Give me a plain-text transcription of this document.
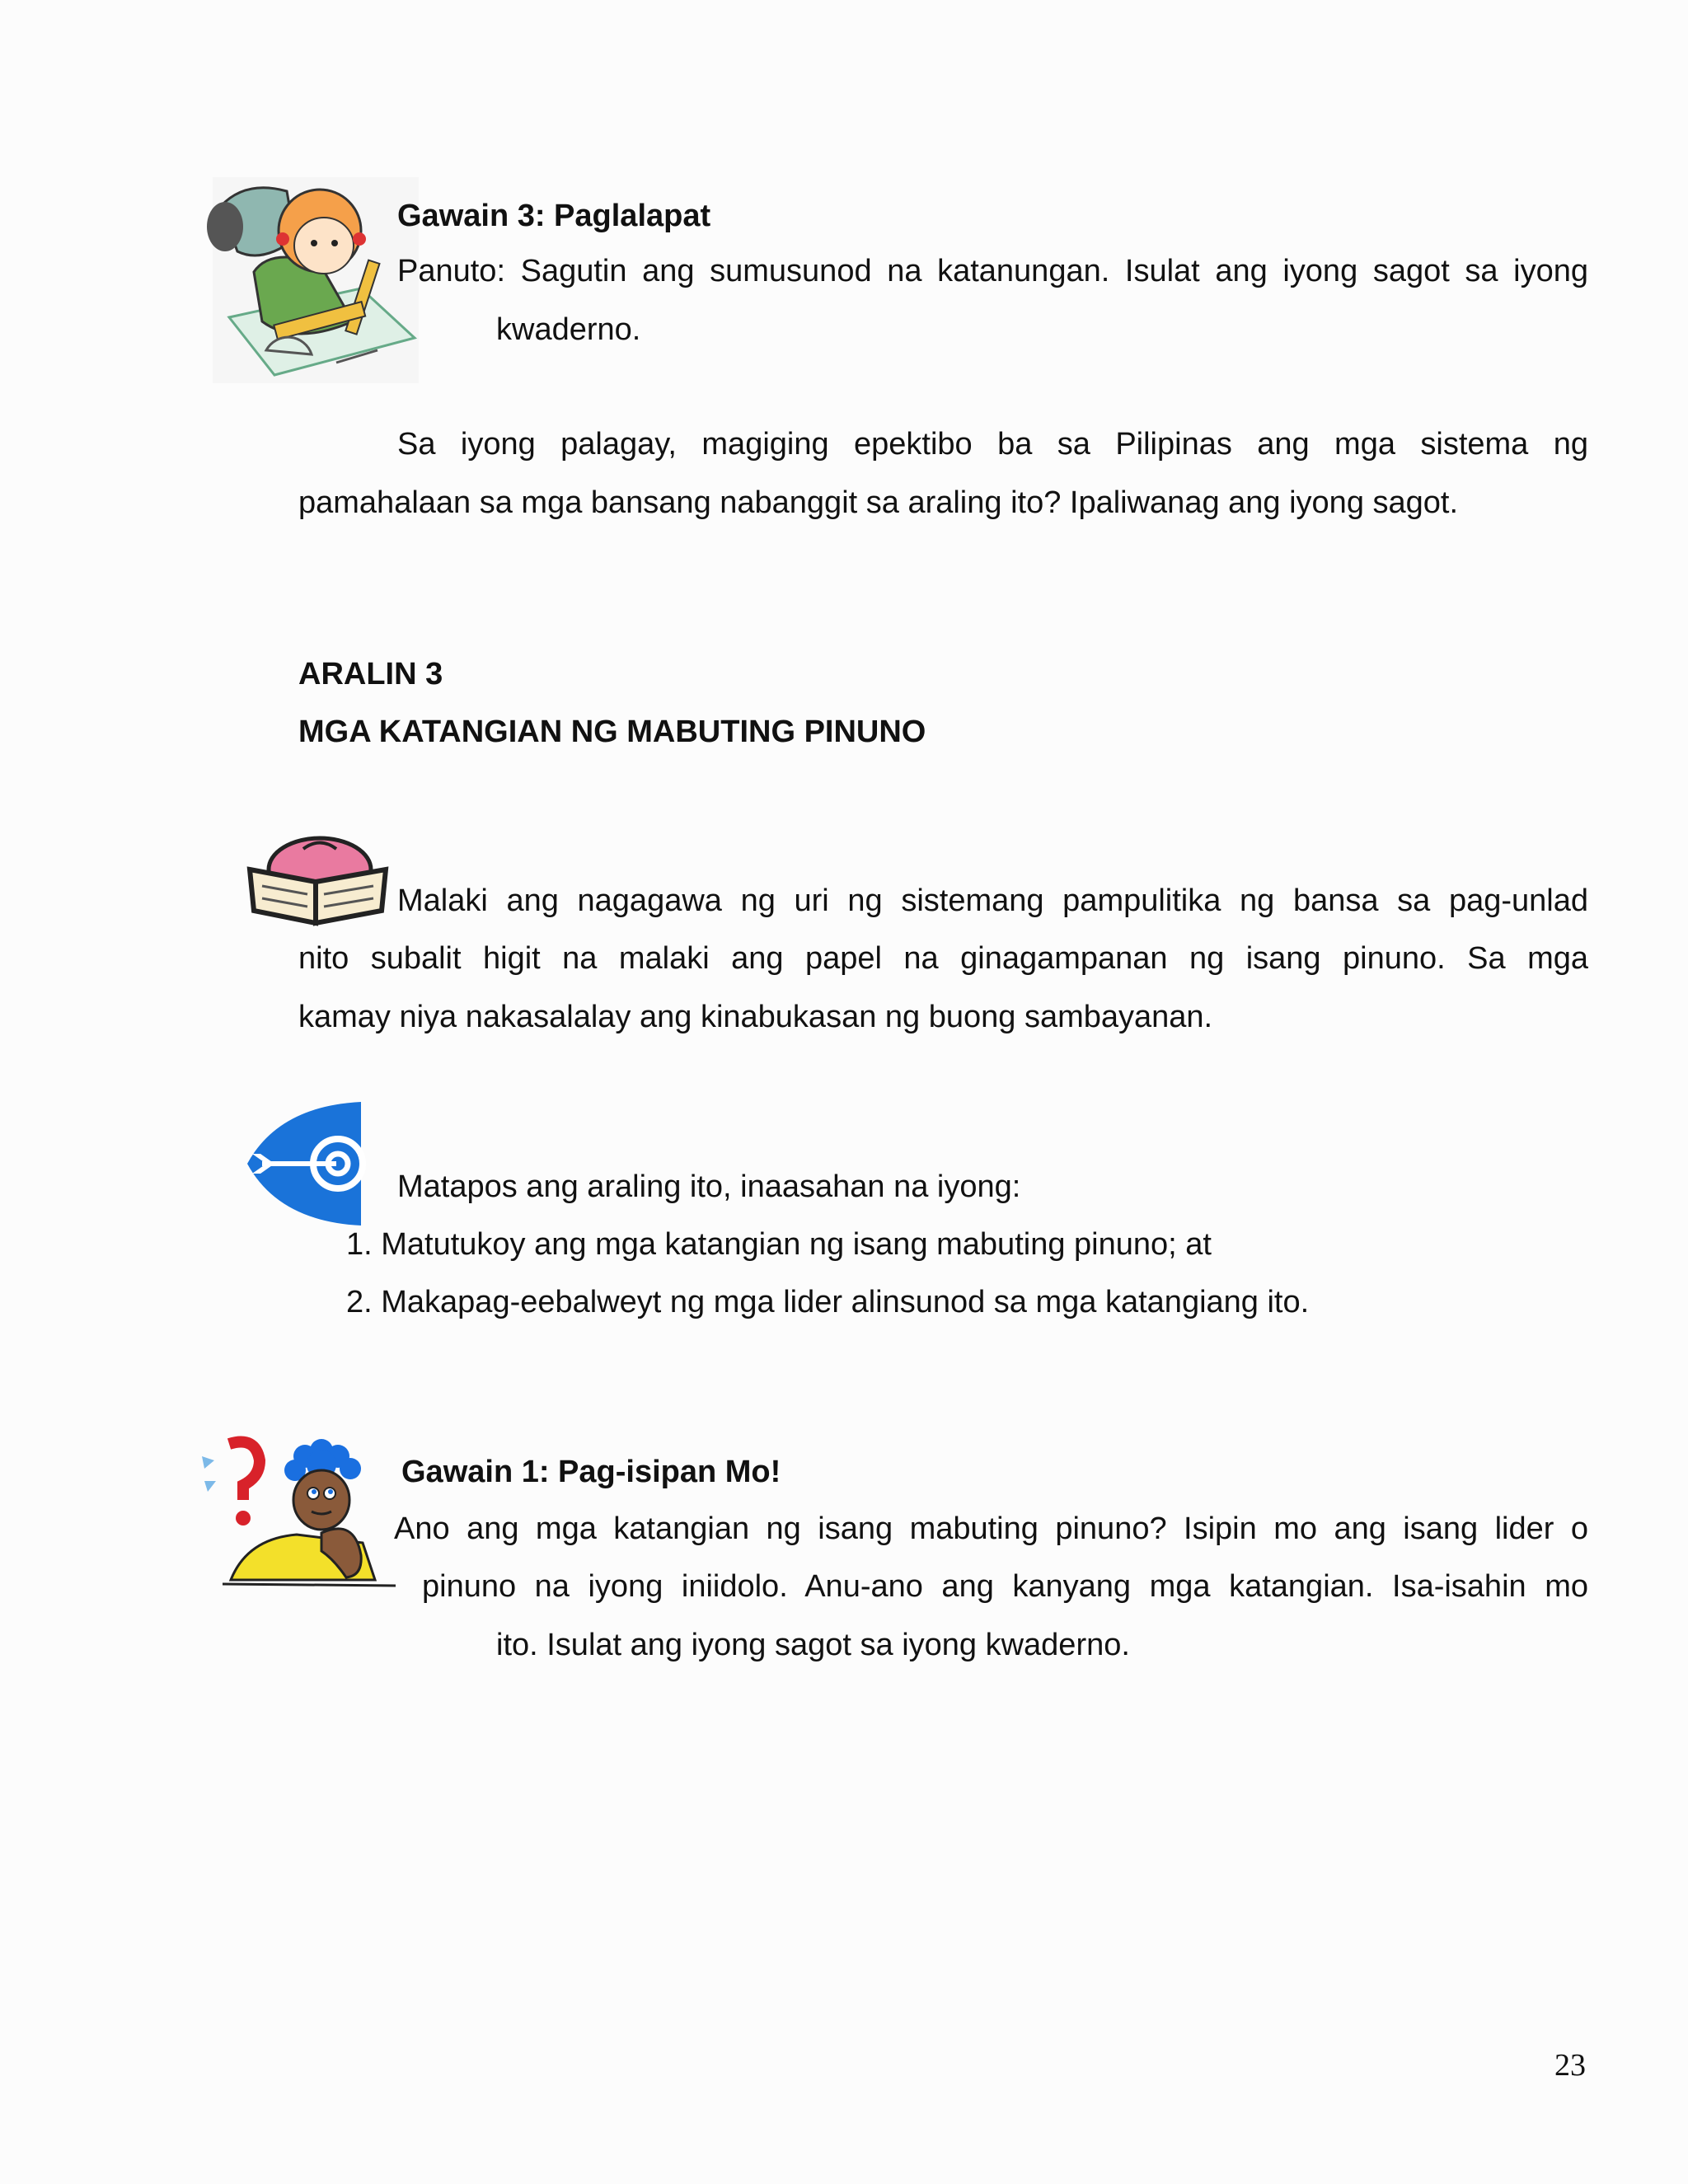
Gawain 3: Paglalapat
Panuto: Sagutin ang sumusunod na katanungan. Isulat ang iyong sagot sa iyong
kwaderno.
Sa iyong palagay, magiging epektibo ba sa Pilipinas ang mga sistema ng
pamahalaan sa mga bansang nabanggit sa araling ito? Ipaliwanag ang iyong sagot.
ARALIN 3
MGA KATANGIAN NG MABUTING PINUNO
Malaki ang nagagawa ng uri ng sistemang pampulitika ng bansa sa pag-unlad
nito subalit higit na malaki ang papel na ginagampanan ng isang pinuno. Sa mga
kamay niya nakasalalay ang kinabukasan ng buong sambayanan.
Matapos ang araling ito, inaasahan na iyong:
1. Matutukoy ang mga katangian ng isang mabuting pinuno; at
2. Makapag-eebalweyt ng mga lider alinsunod sa mga katangiang ito.
Gawain 1: Pag-isipan Mo!
Ano ang mga katangian ng isang mabuting pinuno? Isipin mo ang isang lider o
pinuno na iyong iniidolo. Anu-ano ang kanyang mga katangian. Isa-isahin mo
ito. Isulat ang iyong sagot sa iyong kwaderno.
23
